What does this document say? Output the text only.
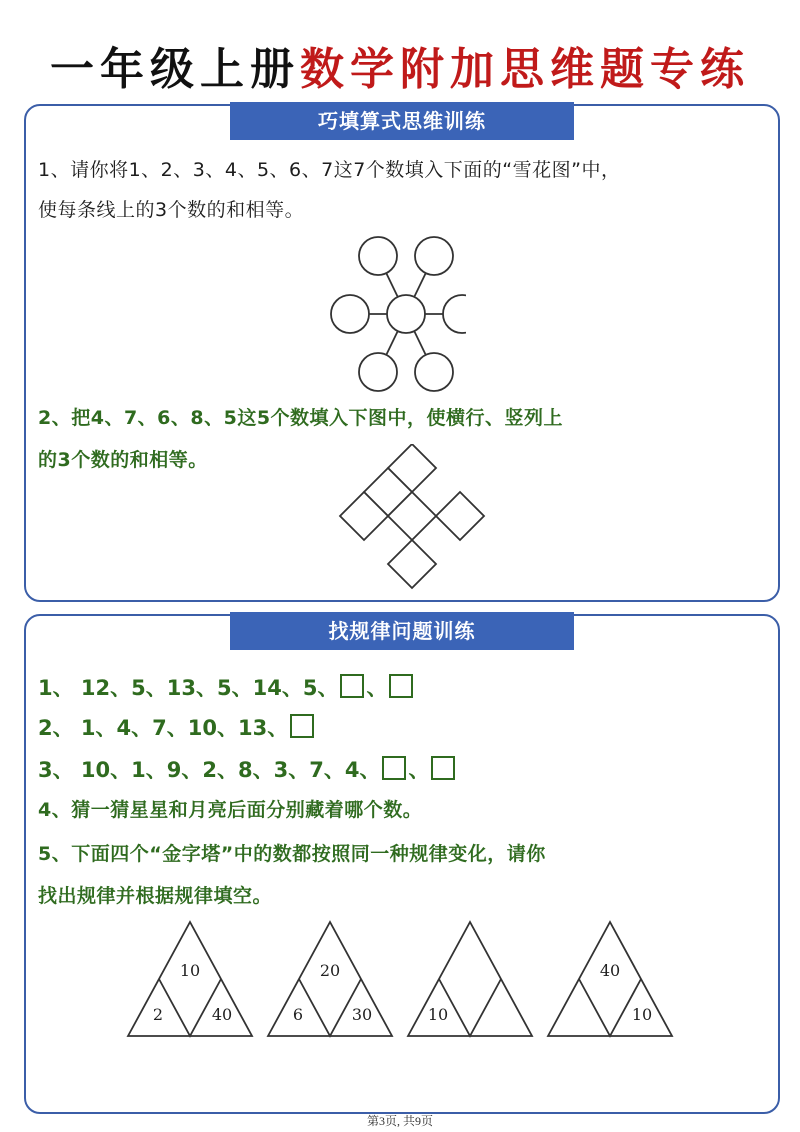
一年级上册数学附加思维题专练
巧填算式思维训练
1、请你将1、2、3、4、5、6、7这7个数填入下面的“雪花图”中，
使每条线上的3个数的和相等。
2、把4、7、6、8、5这5个数填入下图中，使横行、竖列上
的3个数的和相等。
找规律问题训练
1、 12、5、13、5、14、5、 、
2、 1、4、7、10、13、
3、 10、1、9、2、8、3、7、4、 、
4、猜一猜星星和月亮后面分别藏着哪个数。
5、下面四个“金字塔”中的数都按照同一种规律变化，请你
找出规律并根据规律填空。
10
2	40
20
6	30	10
40
10
第3页, 共9页
